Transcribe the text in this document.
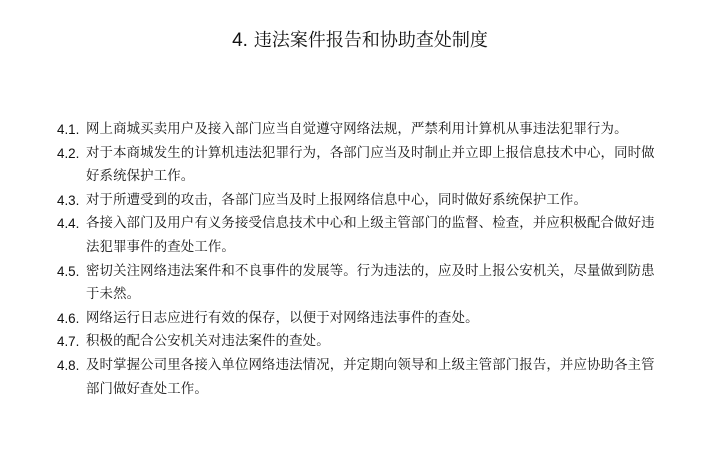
4. 违法案件报告和协助查处制度
4.1. 网上商城买卖用户及接入部门应当自觉遵守网络法规，严禁利用计算机从事违法犯罪行为。
4.2. 对于本商城发生的计算机违法犯罪行为，各部门应当及时制止并立即上报信息技术中心，同时做好系统保护工作。
4.3. 对于所遭受到的攻击，各部门应当及时上报网络信息中心，同时做好系统保护工作。
4.4. 各接入部门及用户有义务接受信息技术中心和上级主管部门的监督、检查，并应积极配合做好违法犯罪事件的查处工作。
4.5. 密切关注网络违法案件和不良事件的发展等。行为违法的，应及时上报公安机关，尽量做到防患于未然。
4.6. 网络运行日志应进行有效的保存，以便于对网络违法事件的查处。
4.7. 积极的配合公安机关对违法案件的查处。
4.8. 及时掌握公司里各接入单位网络违法情况，并定期向领导和上级主管部门报告，并应协助各主管部门做好查处工作。
